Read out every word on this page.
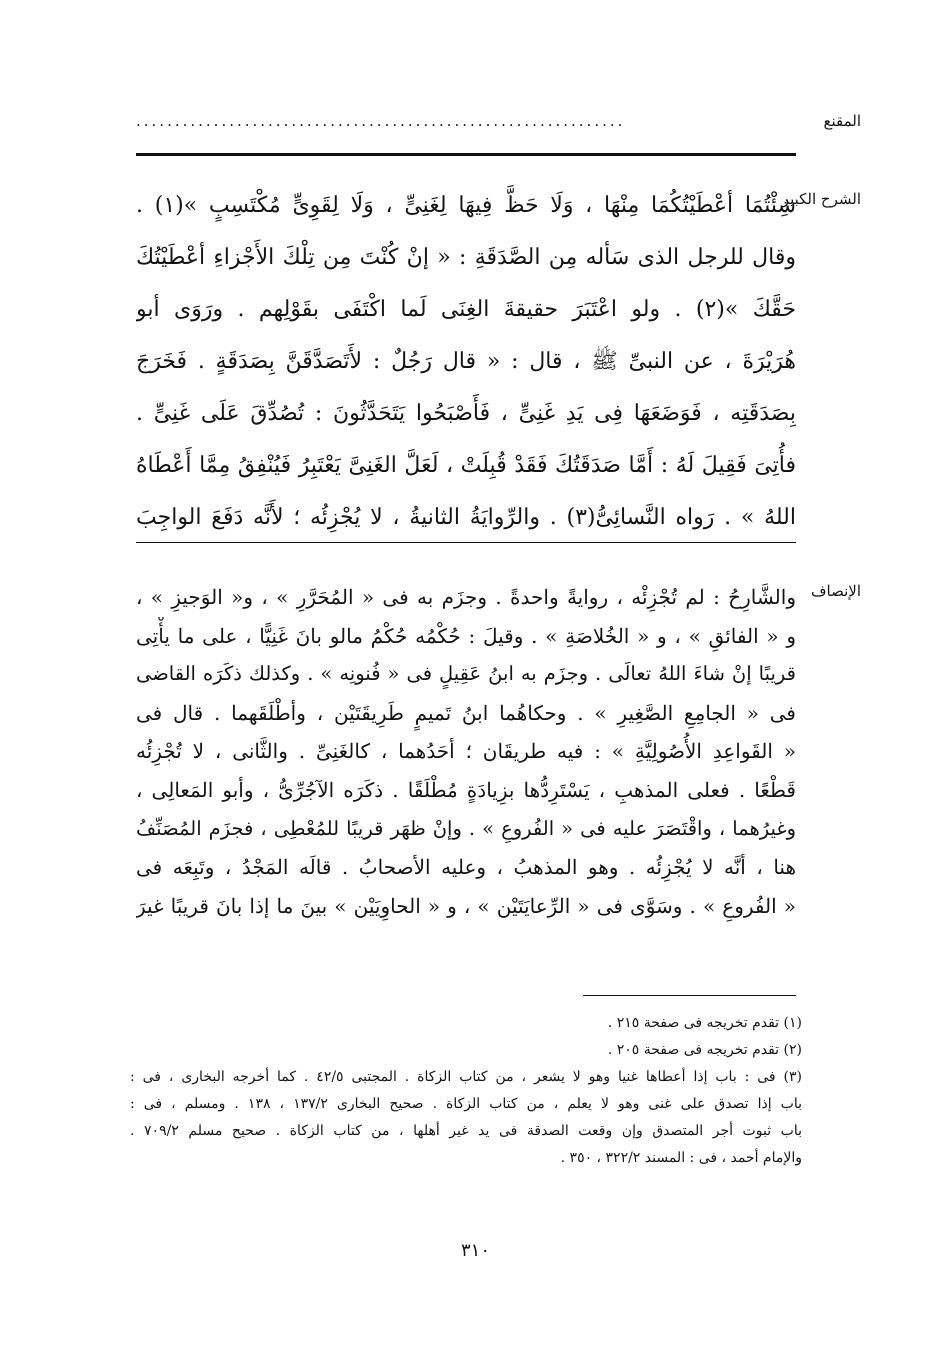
المقنع
...............................................................
الشرح الكبير
شِئْتُمَا أعْطَيْتُكُمَا مِنْهَا ، وَلَا حَظَّ فِيهَا لِغَنِىٍّ ، وَلَا لِقَوِىٍّ مُكْتَسِبٍ »(١) .
وقال للرجل الذى سَأله مِن الصَّدَقَةِ : « إنْ كُنْتَ مِن تِلْكَ الأَجْزاءِ أعْطَيْتُكَ
حَقَّكَ »(٢) . ولو اعْتَبَرَ حقيقةَ الغِنَى لَما اكْتَفَى بقَوْلِهم . ورَوَى أبو
هُرَيْرَةَ ، عن النبىِّ ﷺ ، قال : « قال رَجُلٌ : لأَتَصَدَّقَنَّ بِصَدَقَةٍ . فَخَرَجَ
بِصَدَقَتِه ، فَوَضَعَهَا فِى يَدِ غَنِىٍّ ، فَأَصْبَحُوا يَتَحَدَّثُونَ : تُصُدِّقَ عَلَى غَنِىٍّ .
فأُتِىَ فَقِيلَ لَهُ : أَمَّا صَدَقَتُكَ فَقَدْ قُبِلَتْ ، لَعَلَّ الغَنِىَّ يَعْتَبِرُ فَيُنْفِقُ مِمَّا أَعْطَاهُ
اللهُ » . رَواه النَّسائِىُّ(٣) . والرِّوايَةُ الثانيةُ ، لا يُجْزِئُه ؛ لأَنَّه دَفَعَ الواجِبَ
الإنصاف
والشَّارِحُ : لم تُجْزِئْه ، روايةً واحدةً . وجزَم به فى « المُحَرَّرِ » ، و« الوَجيزِ » ،
و « الفائقِ » ، و « الخُلاصَةِ » . وقيلَ : حُكْمُه حُكْمُ مالو بانَ غَنِيًّا ، على ما يأْتِى
قريبًا إنْ شاءَ اللهُ تعالَى . وجزَم به ابنُ عَقِيلٍ فى « فُنونِه » . وكذلك ذكَرَه القاضى
فى « الجامِعِ الصَّغِيرِ » . وحكاهُما ابنُ تَميمٍ طَرِيقَتَيْن ، وأطْلَقَهما . قال فى
« القَواعِدِ الأُصُولِيَّةِ » : فيه طريقَان ؛ أحَدُهما ، كالغَنِىِّ . والثَّانى ، لا تُجْزِئُه
قَطْعًا . فعلى المذهبِ ، يَسْتَرِدُّها بزِيادَةٍ مُطْلَقًا . ذكَرَه الآجُرِّىُّ ، وأبو المَعالِى ،
وغيرُهما ، واقْتَصَرَ عليه فى « الفُروعِ » . وإنْ ظهَر قريبًا للمُعْطِى ، فجزَم المُصَنِّفُ
هنا ، أنَّه لا يُجْزِئُه . وهو المذهبُ ، وعليه الأصحابُ . قالَه المَجْدُ ، وتَبِعَه فى
« الفُروعِ » . وسَوَّى فى « الرِّعايَتَيْن » ، و « الحاوِيَيْن » بينَ ما إذا بانَ قريبًا غيرَ
(١) تقدم تخريجه فى صفحة ٢١٥ .
(٢) تقدم تخريجه فى صفحة ٢٠٥ .
(٣) فى : باب إذا أعطاها غنيا وهو لا يشعر ، من كتاب الزكاة . المجتبى ٤٢/٥ . كما أخرجه البخارى ، فى :
باب إذا تصدق على غنى وهو لا يعلم ، من كتاب الزكاة . صحيح البخارى ١٣٧/٢ ، ١٣٨ . ومسلم ، فى :
باب ثبوت أجر المتصدق وإن وقعت الصدقة فى يد غير أهلها ، من كتاب الزكاة . صحيح مسلم ٧٠٩/٢ .
والإمام أحمد ، فى : المسند ٣٢٢/٢ ، ٣٥٠ .
٣١٠
